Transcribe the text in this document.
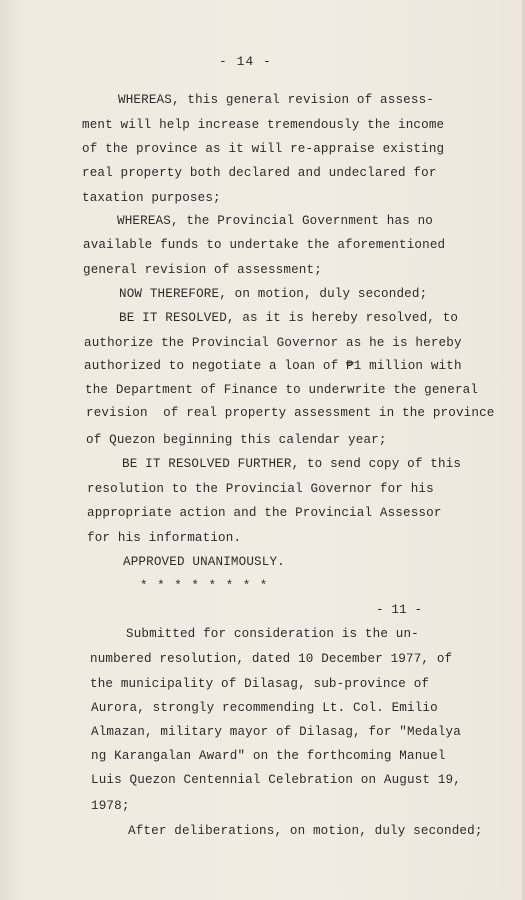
- 14 -
WHEREAS, this general revision of assess-
ment will help increase tremendously the income
of the province as it will re-appraise existing
real property both declared and undeclared for
taxation purposes;
WHEREAS, the Provincial Government has no
available funds to undertake the aforementioned
general revision of assessment;
NOW THEREFORE, on motion, duly seconded;
BE IT RESOLVED, as it is hereby resolved, to
authorize the Provincial Governor as he is hereby
authorized to negotiate a loan of ₱1 million with
the Department of Finance to underwrite the general
revision  of real property assessment in the province
of Quezon beginning this calendar year;
BE IT RESOLVED FURTHER, to send copy of this
resolution to the Provincial Governor for his
appropriate action and the Provincial Assessor
for his information.
APPROVED UNANIMOUSLY.
* * * * * * * *
- 11 -
Submitted for consideration is the un-
numbered resolution, dated 10 December 1977, of
the municipality of Dilasag, sub-province of
Aurora, strongly recommending Lt. Col. Emilio
Almazan, military mayor of Dilasag, for "Medalya
ng Karangalan Award" on the forthcoming Manuel
Luis Quezon Centennial Celebration on August 19,
1978;
After deliberations, on motion, duly seconded;
